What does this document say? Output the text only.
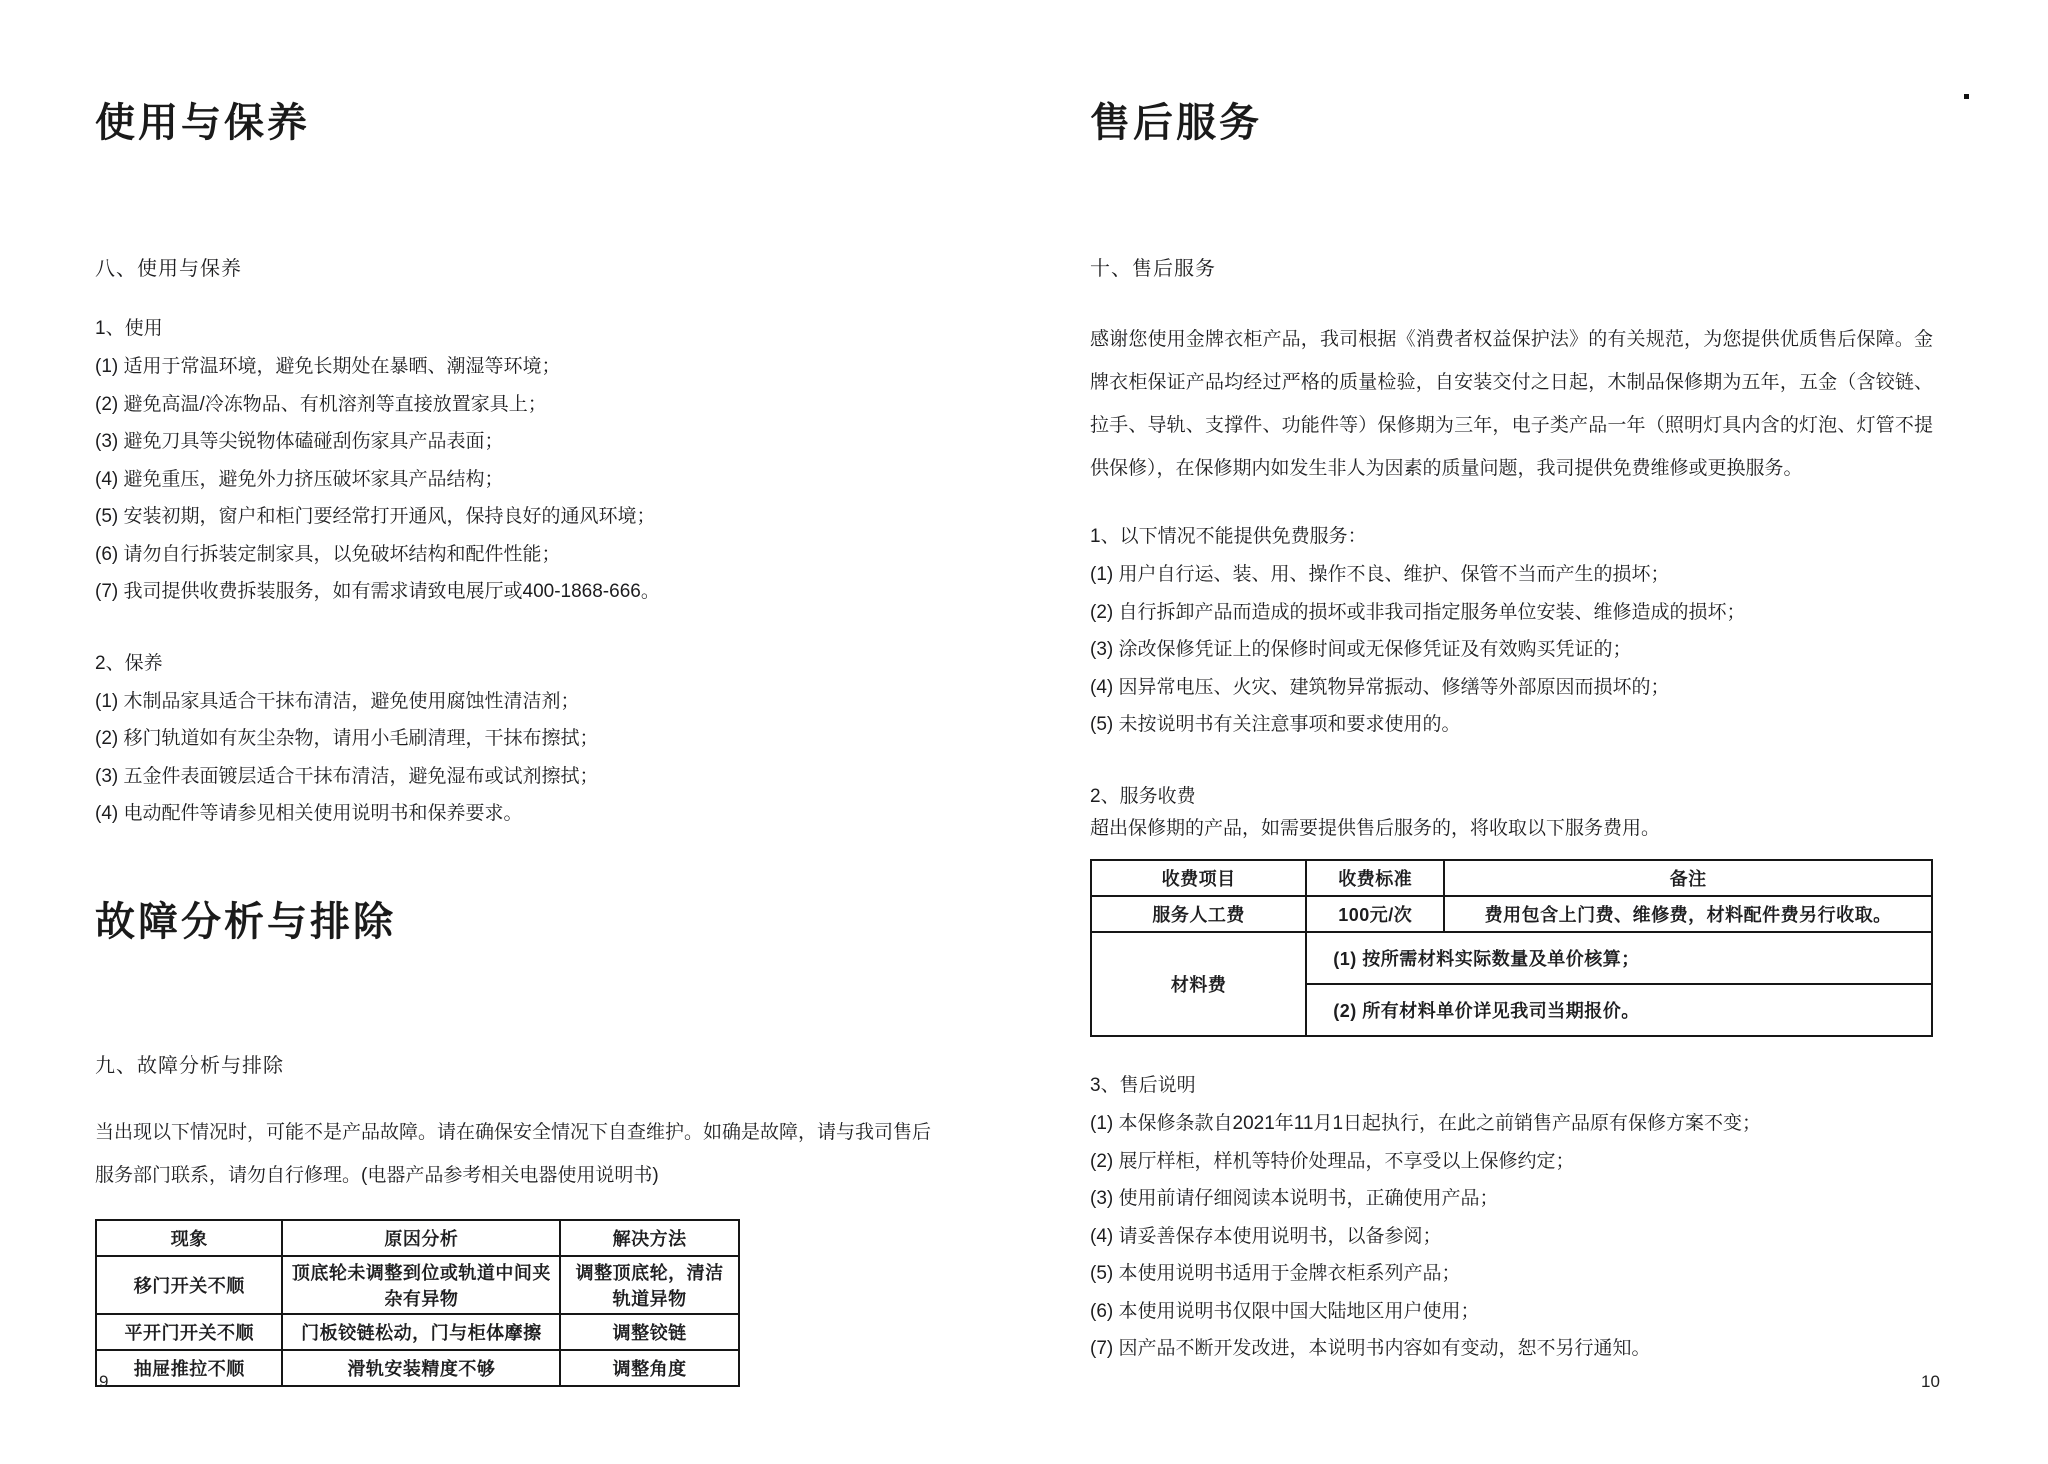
使用与保养
八、使用与保养
1、使用
(1) 适用于常温环境，避免长期处在暴晒、潮湿等环境；
(2) 避免高温/冷冻物品、有机溶剂等直接放置家具上；
(3) 避免刀具等尖锐物体磕碰刮伤家具产品表面；
(4) 避免重压，避免外力挤压破坏家具产品结构；
(5) 安装初期，窗户和柜门要经常打开通风，保持良好的通风环境；
(6) 请勿自行拆装定制家具，以免破坏结构和配件性能；
(7) 我司提供收费拆装服务，如有需求请致电展厅或400-1868-666。
2、保养
(1) 木制品家具适合干抹布清洁，避免使用腐蚀性清洁剂；
(2) 移门轨道如有灰尘杂物，请用小毛刷清理，干抹布擦拭；
(3) 五金件表面镀层适合干抹布清洁，避免湿布或试剂擦拭；
(4) 电动配件等请参见相关使用说明书和保养要求。
故障分析与排除
九、故障分析与排除
当出现以下情况时，可能不是产品故障。请在确保安全情况下自查维护。如确是故障，请与我司售后
服务部门联系，请勿自行修理。(电器产品参考相关电器使用说明书)
现象	原因分析	解决方法
移门开关不顺	顶底轮未调整到位或轨道中间夹杂有异物	调整顶底轮，清洁轨道异物
平开门开关不顺	门板铰链松动，门与柜体摩擦	调整铰链
抽屉推拉不顺	滑轨安装精度不够	调整角度
售后服务
十、售后服务

感谢您使用金牌衣柜产品，我司根据《消费者权益保护法》的有关规范，为您提供优质售后保障。金牌衣柜保证产品均经过严格的质量检验，自安装交付之日起，木制品保修期为五年，五金（含铰链、拉手、导轨、支撑件、功能件等）保修期为三年，电子类产品一年（照明灯具内含的灯泡、灯管不提供保修），在保修期内如发生非人为因素的质量问题，我司提供免费维修或更换服务。

1、以下情况不能提供免费服务：
(1) 用户自行运、装、用、操作不良、维护、保管不当而产生的损坏；
(2) 自行拆卸产品而造成的损坏或非我司指定服务单位安装、维修造成的损坏；
(3) 涂改保修凭证上的保修时间或无保修凭证及有效购买凭证的；
(4) 因异常电压、火灾、建筑物异常振动、修缮等外部原因而损坏的；
(5) 未按说明书有关注意事项和要求使用的。
2、服务收费
超出保修期的产品，如需要提供售后服务的，将收取以下服务费用。
收费项目	收费标准	备注
服务人工费	100元/次	费用包含上门费、维修费，材料配件费另行收取。
材料费	(1) 按所需材料实际数量及单价核算；	
	(2) 所有材料单价详见我司当期报价。	
3、售后说明
(1) 本保修条款自2021年11月1日起执行，在此之前销售产品原有保修方案不变；
(2) 展厅样柜，样机等特价处理品，不享受以上保修约定；
(3) 使用前请仔细阅读本说明书，正确使用产品；
(4) 请妥善保存本使用说明书，以备参阅；
(5) 本使用说明书适用于金牌衣柜系列产品；
(6) 本使用说明书仅限中国大陆地区用户使用；
(7) 因产品不断开发改进，本说明书内容如有变动，恕不另行通知。
9	10
